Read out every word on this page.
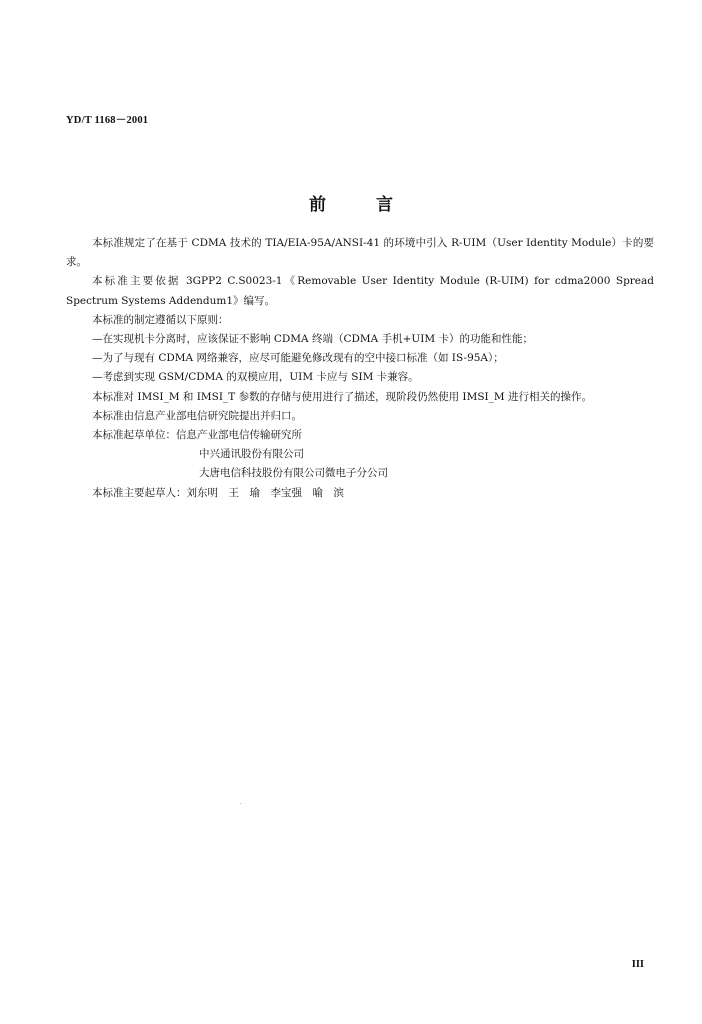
YD/T 1168－2001
前言

本标准规定了在基于 CDMA 技术的 TIA/EIA-95A/ANSI-41 的环境中引入 R-UIM（User Identity Module）卡的要求。

本标准主要依据 3GPP2 C.S0023-1《Removable User Identity Module (R-UIM) for cdma2000 Spread Spectrum Systems Addendum1》编写。

本标准的制定遵循以下原则：

—在实现机卡分离时，应该保证不影响 CDMA 终端（CDMA 手机+UIM 卡）的功能和性能；

—为了与现有 CDMA 网络兼容，应尽可能避免修改现有的空中接口标准（如 IS-95A）；

—考虑到实现 GSM/CDMA 的双模应用，UIM 卡应与 SIM 卡兼容。

本标准对 IMSI_M 和 IMSI_T 参数的存储与使用进行了描述，现阶段仍然使用 IMSI_M 进行相关的操作。

本标准由信息产业部电信研究院提出并归口。

本标准起草单位：信息产业部电信传输研究所

中兴通讯股份有限公司

大唐电信科技股份有限公司微电子分公司

本标准主要起草人：刘东明　王　瑜　李宝强　喻　滨

III
